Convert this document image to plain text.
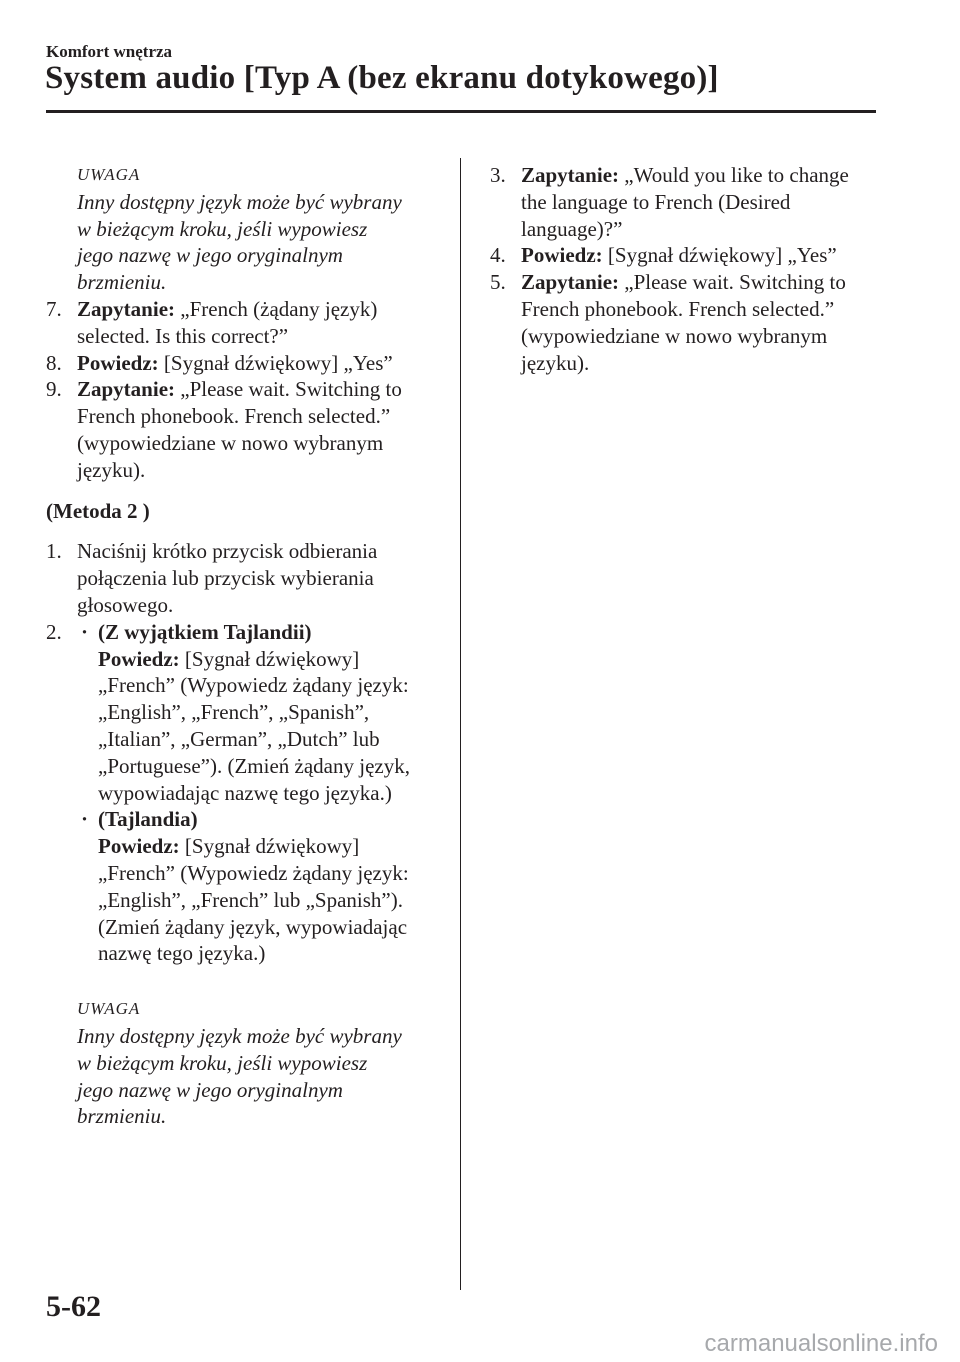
Komfort wnętrza
System audio [Typ A (bez ekranu dotykowego)]
UWAGA
Inny dostępny język może być wybrany
w bieżącym kroku, jeśli wypowiesz
jego nazwę w jego oryginalnym
brzmieniu.
7. Zapytanie: „French (żądany język)
selected. Is this correct?”
8. Powiedz: [Sygnał dźwiękowy] „Yes”
9. Zapytanie: „Please wait. Switching to
French phonebook. French selected.”
(wypowiedziane w nowo wybranym
języku).
(Metoda 2 )
1. Naciśnij krótko przycisk odbierania
połączenia lub przycisk wybierania
głosowego.
2. · (Z wyjątkiem Tajlandii)
Powiedz: [Sygnał dźwiękowy]
„French” (Wypowiedz żądany język:
„English”, „French”, „Spanish”,
„Italian”, „German”, „Dutch” lub
„Portuguese”). (Zmień żądany język,
wypowiadając nazwę tego języka.)
· (Tajlandia)
Powiedz: [Sygnał dźwiękowy]
„French” (Wypowiedz żądany język:
„English”, „French” lub „Spanish”).
(Zmień żądany język, wypowiadając
nazwę tego języka.)
UWAGA
Inny dostępny język może być wybrany
w bieżącym kroku, jeśli wypowiesz
jego nazwę w jego oryginalnym
brzmieniu.
3. Zapytanie: „Would you like to change
the language to French (Desired
language)?”
4. Powiedz: [Sygnał dźwiękowy] „Yes”
5. Zapytanie: „Please wait. Switching to
French phonebook. French selected.”
(wypowiedziane w nowo wybranym
języku).
5-62
carmanualsonline.info
